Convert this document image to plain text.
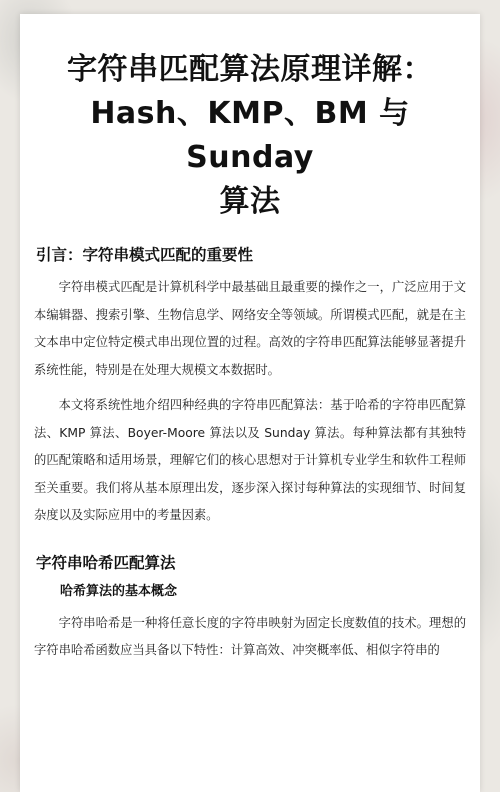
字符串匹配算法原理详解：
Hash、KMP、BM 与 Sunday
算法
引言：字符串模式匹配的重要性

字符串模式匹配是计算机科学中最基础且最重要的操作之一，广泛应用于文本编辑器、搜索引擎、生物信息学、网络安全等领域。所谓模式匹配，就是在主文本串中定位特定模式串出现位置的过程。高效的字符串匹配算法能够显著提升系统性能，特别是在处理大规模文本数据时。

本文将系统性地介绍四种经典的字符串匹配算法：基于哈希的字符串匹配算法、KMP 算法、Boyer-Moore 算法以及 Sunday 算法。每种算法都有其独特的匹配策略和适用场景，理解它们的核心思想对于计算机专业学生和软件工程师至关重要。我们将从基本原理出发，逐步深入探讨每种算法的实现细节、时间复杂度以及实际应用中的考量因素。

字符串哈希匹配算法
哈希算法的基本概念

字符串哈希是一种将任意长度的字符串映射为固定长度数值的技术。理想的字符串哈希函数应当具备以下特性：计算高效、冲突概率低、相似字符串的
